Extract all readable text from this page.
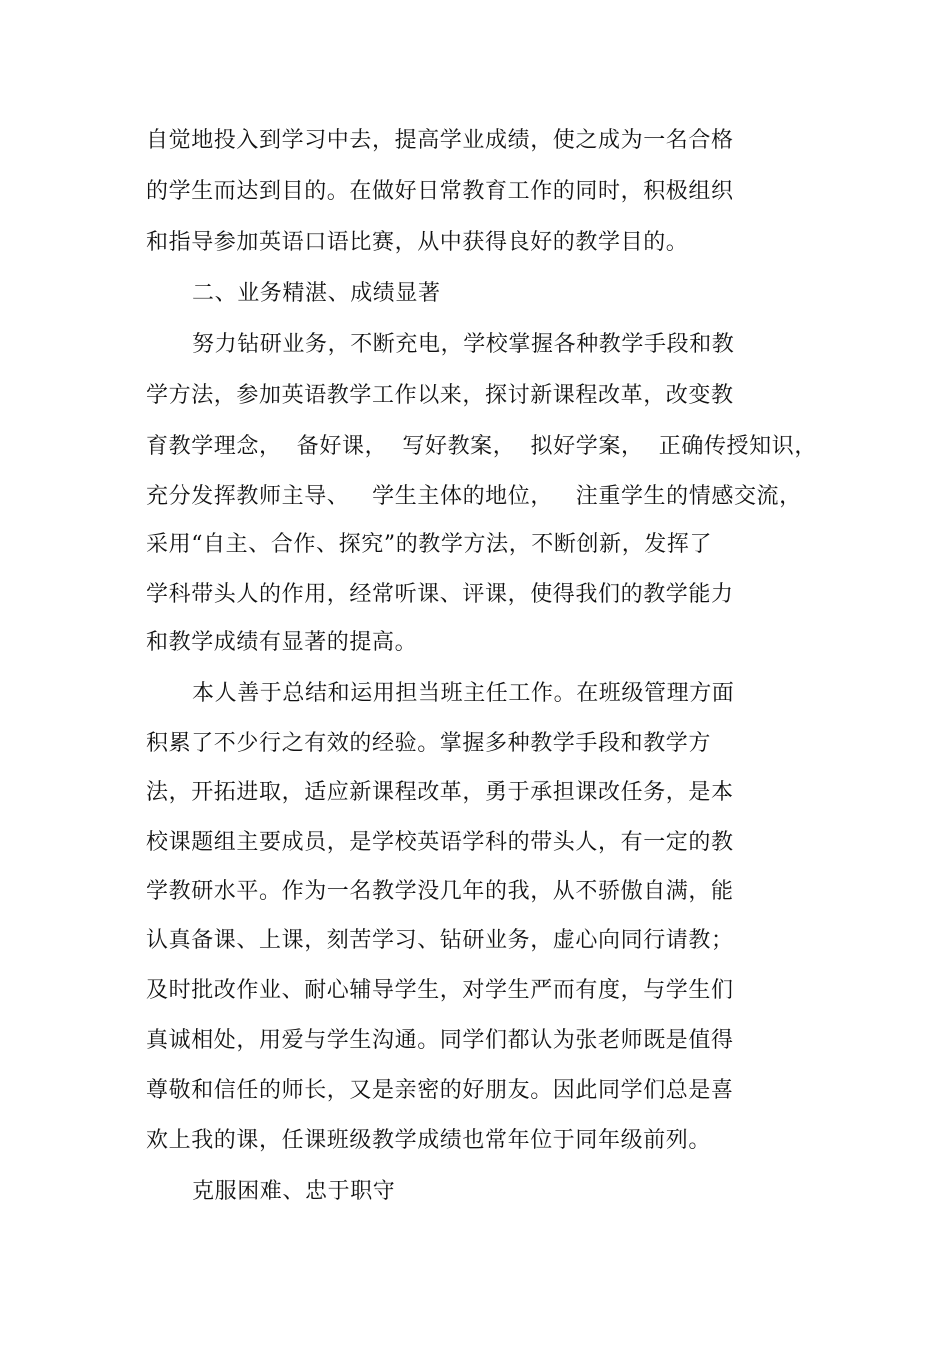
自觉地投入到学习中去，提高学业成绩，使之成为一名合格
的学生而达到目的。在做好日常教育工作的同时，积极组织
和指导参加英语口语比赛，从中获得良好的教学目的。
二、业务精湛、成绩显著
努力钻研业务，不断充电，学校掌握各种教学手段和教
学方法，参加英语教学工作以来，探讨新课程改革，改变教
育教学理念，  备好课，  写好教案，  拟好学案，  正确传授知识，
充分发挥教师主导、   学生主体的地位，   注重学生的情感交流，
采用“自主、合作、探究”的教学方法，不断创新，发挥了
学科带头人的作用，经常听课、评课，使得我们的教学能力
和教学成绩有显著的提高。
本人善于总结和运用担当班主任工作。在班级管理方面
积累了不少行之有效的经验。掌握多种教学手段和教学方
法，开拓进取，适应新课程改革，勇于承担课改任务，是本
校课题组主要成员，是学校英语学科的带头人，有一定的教
学教研水平。作为一名教学没几年的我，从不骄傲自满，能
认真备课、上课，刻苦学习、钻研业务，虚心向同行请教；
及时批改作业、耐心辅导学生，对学生严而有度，与学生们
真诚相处，用爱与学生沟通。同学们都认为张老师既是值得
尊敬和信任的师长，又是亲密的好朋友。因此同学们总是喜
欢上我的课，任课班级教学成绩也常年位于同年级前列。
克服困难、忠于职守
